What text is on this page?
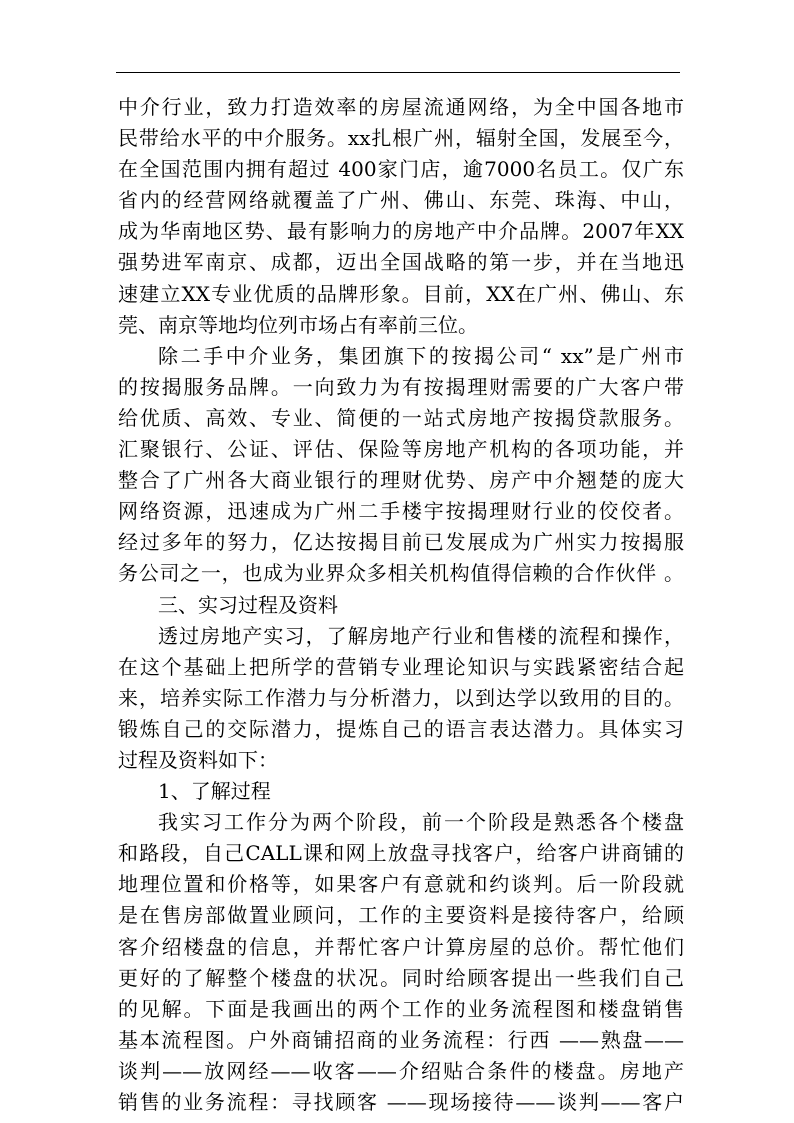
中介行业，致力打造效率的房屋流通网络，为全中国各地市
民带给水平的中介服务。xx扎根广州，辐射全国，发展至今，
在全国范围内拥有超过 400家门店，逾7000名员工。仅广东
省内的经营网络就覆盖了广州、佛山、东莞、珠海、中山，
成为华南地区势、最有影响力的房地产中介品牌。2007年XX
强势进军南京、成都，迈出全国战略的第一步，并在当地迅
速建立XX专业优质的品牌形象。目前，XX在广州、佛山、东
莞、南京等地均位列市场占有率前三位。
除二手中介业务，集团旗下的按揭公司“ xx”是广州市
的按揭服务品牌。一向致力为有按揭理财需要的广大客户带
给优质、高效、专业、简便的一站式房地产按揭贷款服务。
汇聚银行、公证、评估、保险等房地产机构的各项功能，并
整合了广州各大商业银行的理财优势、房产中介翘楚的庞大
网络资源，迅速成为广州二手楼宇按揭理财行业的佼佼者。
经过多年的努力，亿达按揭目前已发展成为广州实力按揭服
务公司之一，也成为业界众多相关机构值得信赖的合作伙伴 。
三、实习过程及资料
透过房地产实习，了解房地产行业和售楼的流程和操作，
在这个基础上把所学的营销专业理论知识与实践紧密结合起
来，培养实际工作潜力与分析潜力，以到达学以致用的目的。
锻炼自己的交际潜力，提炼自己的语言表达潜力。具体实习
过程及资料如下：
1、了解过程
我实习工作分为两个阶段，前一个阶段是熟悉各个楼盘
和路段，自己CALL课和网上放盘寻找客户，给客户讲商铺的
地理位置和价格等，如果客户有意就和约谈判。后一阶段就
是在售房部做置业顾问，工作的主要资料是接待客户，给顾
客介绍楼盘的信息，并帮忙客户计算房屋的总价。帮忙他们
更好的了解整个楼盘的状况。同时给顾客提出一些我们自己
的见解。下面是我画出的两个工作的业务流程图和楼盘销售
基本流程图。户外商铺招商的业务流程：行西 ——熟盘——
谈判——放网经——收客——介绍贴合条件的楼盘。房地产
销售的业务流程：寻找顾客 ——现场接待——谈判——客户
